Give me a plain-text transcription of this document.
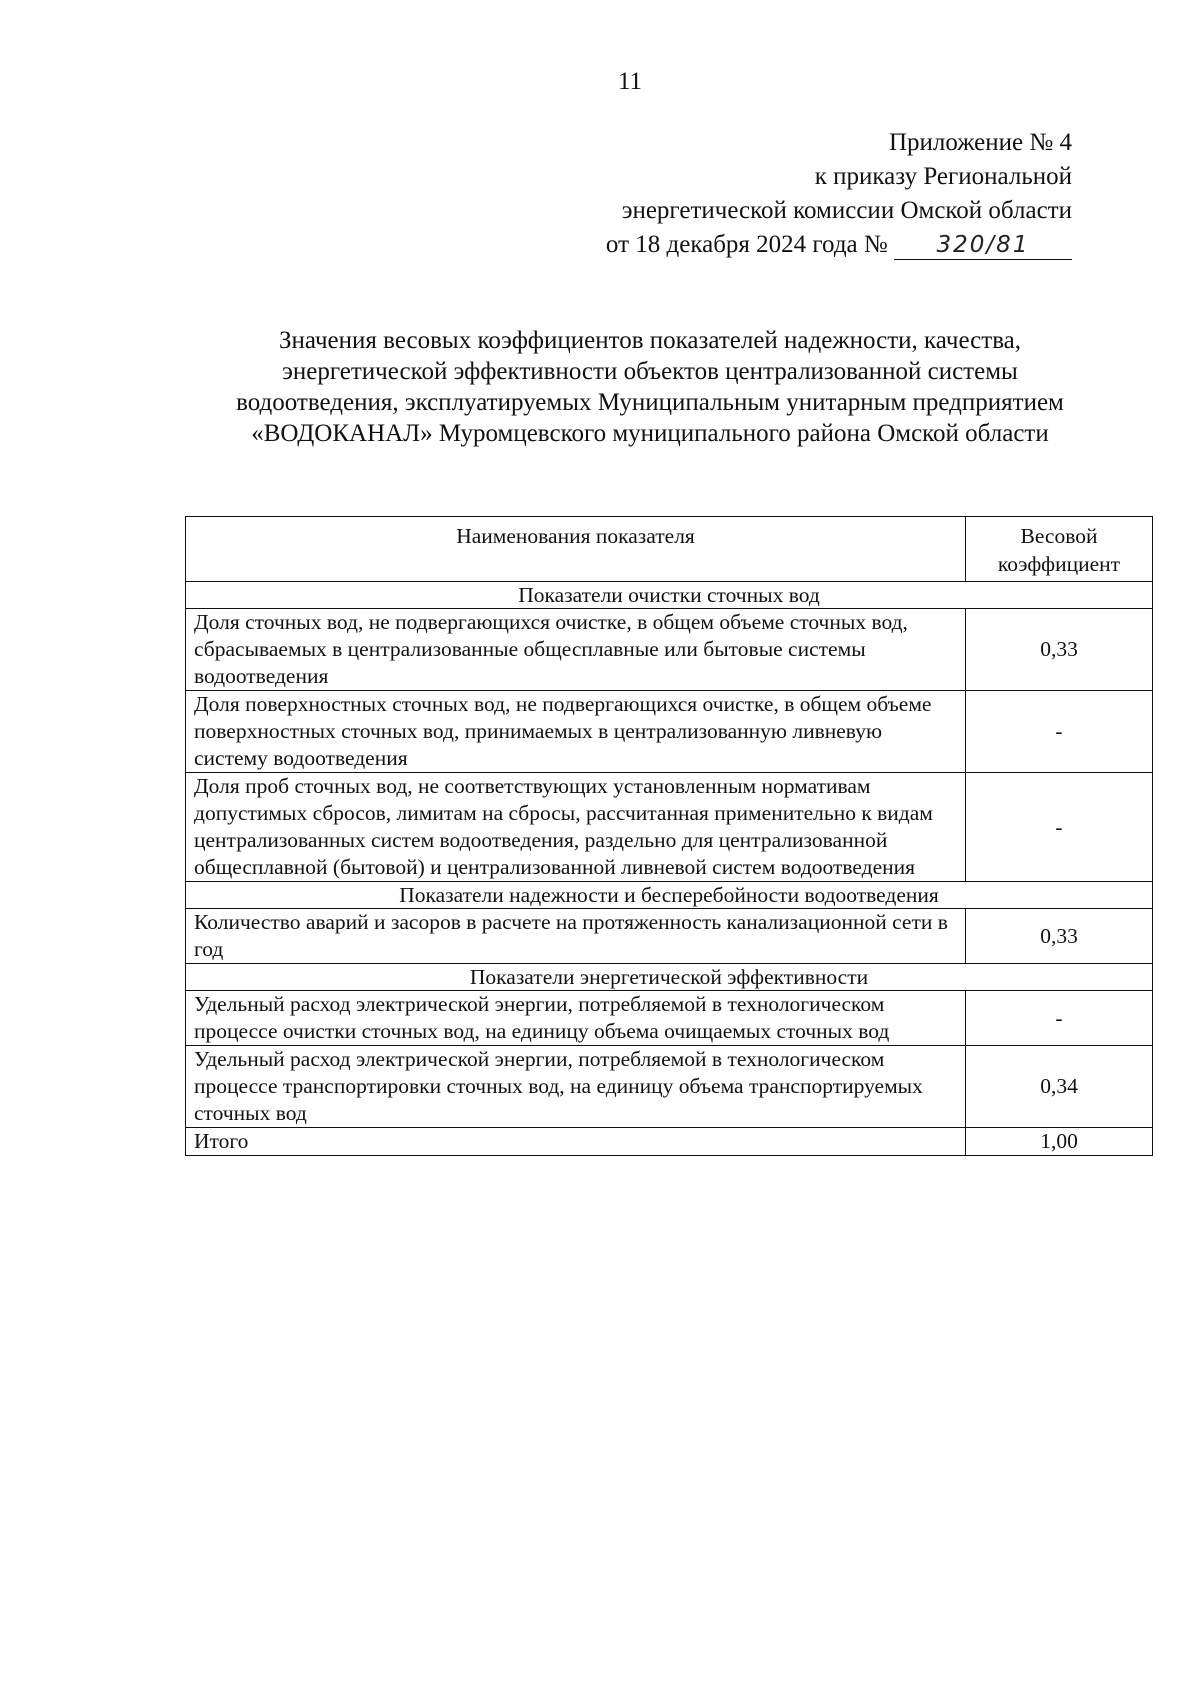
11
Приложение № 4
к приказу Региональной
энергетической комиссии Омской области
от 18 декабря 2024 года № 320/81
Значения весовых коэффициентов показателей надежности, качества,
энергетической эффективности объектов централизованной системы
водоотведения, эксплуатируемых Муниципальным унитарным предприятием
«ВОДОКАНАЛ» Муромцевского муниципального района Омской области
Наименования показателя	Весовой
коэффициент

Показатели очистки сточных вод	
Доля сточных вод, не подвергающихся очистке, в общем объеме сточных вод, сбрасываемых в централизованные общесплавные или бытовые системы водоотведения	0,33
Доля поверхностных сточных вод, не подвергающихся очистке, в общем объеме поверхностных сточных вод, принимаемых в централизованную ливневую систему водоотведения	-
Доля проб сточных вод, не соответствующих установленным нормативам допустимых сбросов, лимитам на сбросы, рассчитанная применительно к видам централизованных систем водоотведения, раздельно для централизованной общесплавной (бытовой) и централизованной ливневой систем водоотведения	-
Показатели надежности и бесперебойности водоотведения	
Количество аварий и засоров в расчете на протяженность канализационной сети в год	0,33
Показатели энергетической эффективности	
Удельный расход электрической энергии, потребляемой в технологическом процессе очистки сточных вод, на единицу объема очищаемых сточных вод	-
Удельный расход электрической энергии, потребляемой в технологическом процессе транспортировки сточных вод, на единицу объема транспортируемых сточных вод	0,34
Итого	1,00
